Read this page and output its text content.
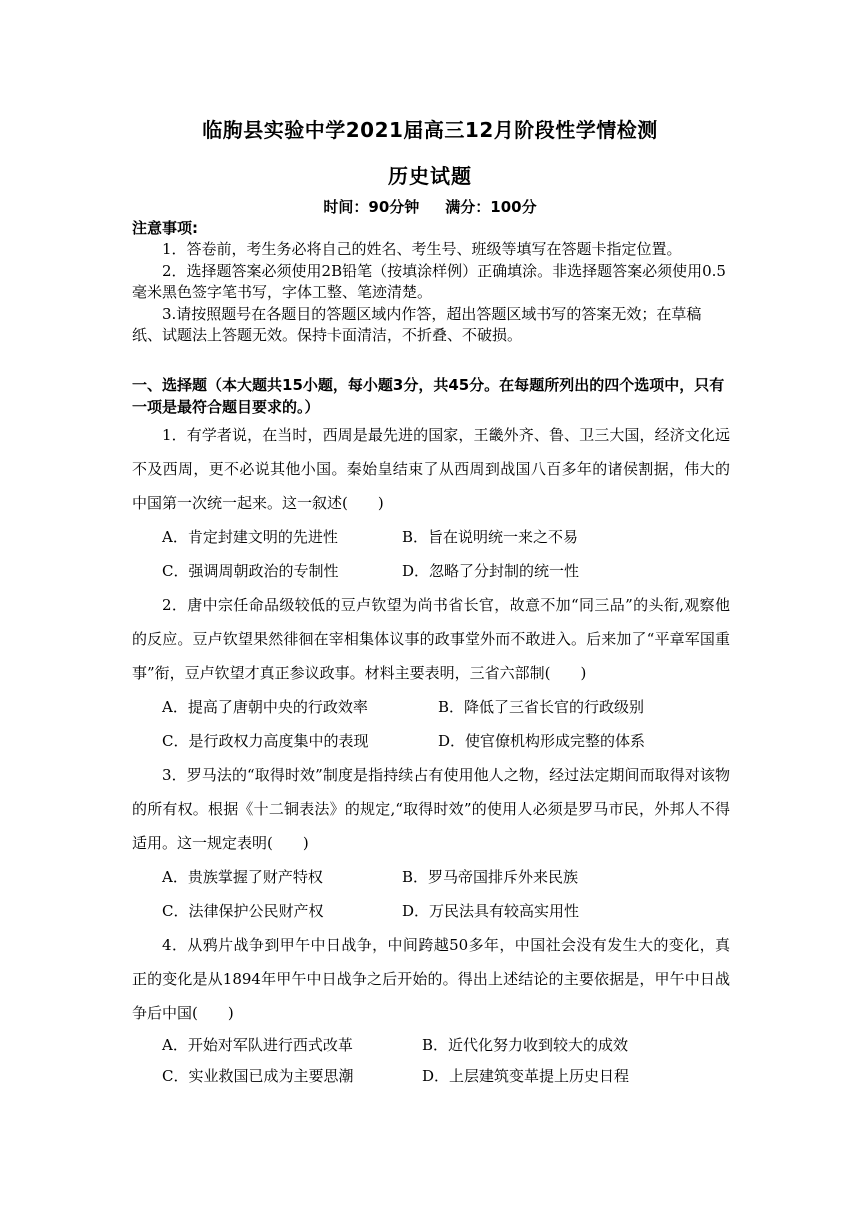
临朐县实验中学2021届高三12月阶段性学情检测
历史试题
时间：90分钟 满分：100分
注意事项:

1．答卷前，考生务必将自己的姓名、考生号、班级等填写在答题卡指定位置。

2．选择题答案必须使用2B铅笔（按填涂样例）正确填涂。非选择题答案必须使用0.5毫米黑色签字笔书写，字体工整、笔迹清楚。

3.请按照题号在各题目的答题区域内作答，超出答题区域书写的答案无效；在草稿纸、试题法上答题无效。保持卡面清洁，不折叠、不破损。

一、选择题（本大题共15小题，每小题3分，共45分。在每题所列出的四个选项中，只有一项是最符合题目要求的。）

1．有学者说，在当时，西周是最先进的国家，王畿外齐、鲁、卫三大国，经济文化远不及西周，更不必说其他小国。秦始皇结束了从西周到战国八百多年的诸侯割据，伟大的中国第一次统一起来。这一叙述(　　)

A．肯定封建文明的先进性	B．旨在说明统一来之不易
C．强调周朝政治的专制性	D．忽略了分封制的统一性

2．唐中宗任命品级较低的豆卢钦望为尚书省长官，故意不加“同三品”的头衔,观察他的反应。豆卢钦望果然徘徊在宰相集体议事的政事堂外而不敢进入。后来加了“平章军国重事”衔，豆卢钦望才真正参议政事。材料主要表明，三省六部制(　　)

A．提高了唐朝中央的行政效率	B．降低了三省长官的行政级别
C．是行政权力高度集中的表现	D．使官僚机构形成完整的体系

3．罗马法的“取得时效”制度是指持续占有使用他人之物，经过法定期间而取得对该物的所有权。根据《十二铜表法》的规定,“取得时效”的使用人必须是罗马市民，外邦人不得适用。这一规定表明(　　)

A．贵族掌握了财产特权	B．罗马帝国排斥外来民族
C．法律保护公民财产权	D．万民法具有较高实用性

4．从鸦片战争到甲午中日战争，中间跨越50多年，中国社会没有发生大的变化，真正的变化是从1894年甲午中日战争之后开始的。得出上述结论的主要依据是，甲午中日战争后中国(　　)

A．开始对军队进行西式改革	B．近代化努力收到较大的成效
C．实业救国已成为主要思潮	D．上层建筑变革提上历史日程
